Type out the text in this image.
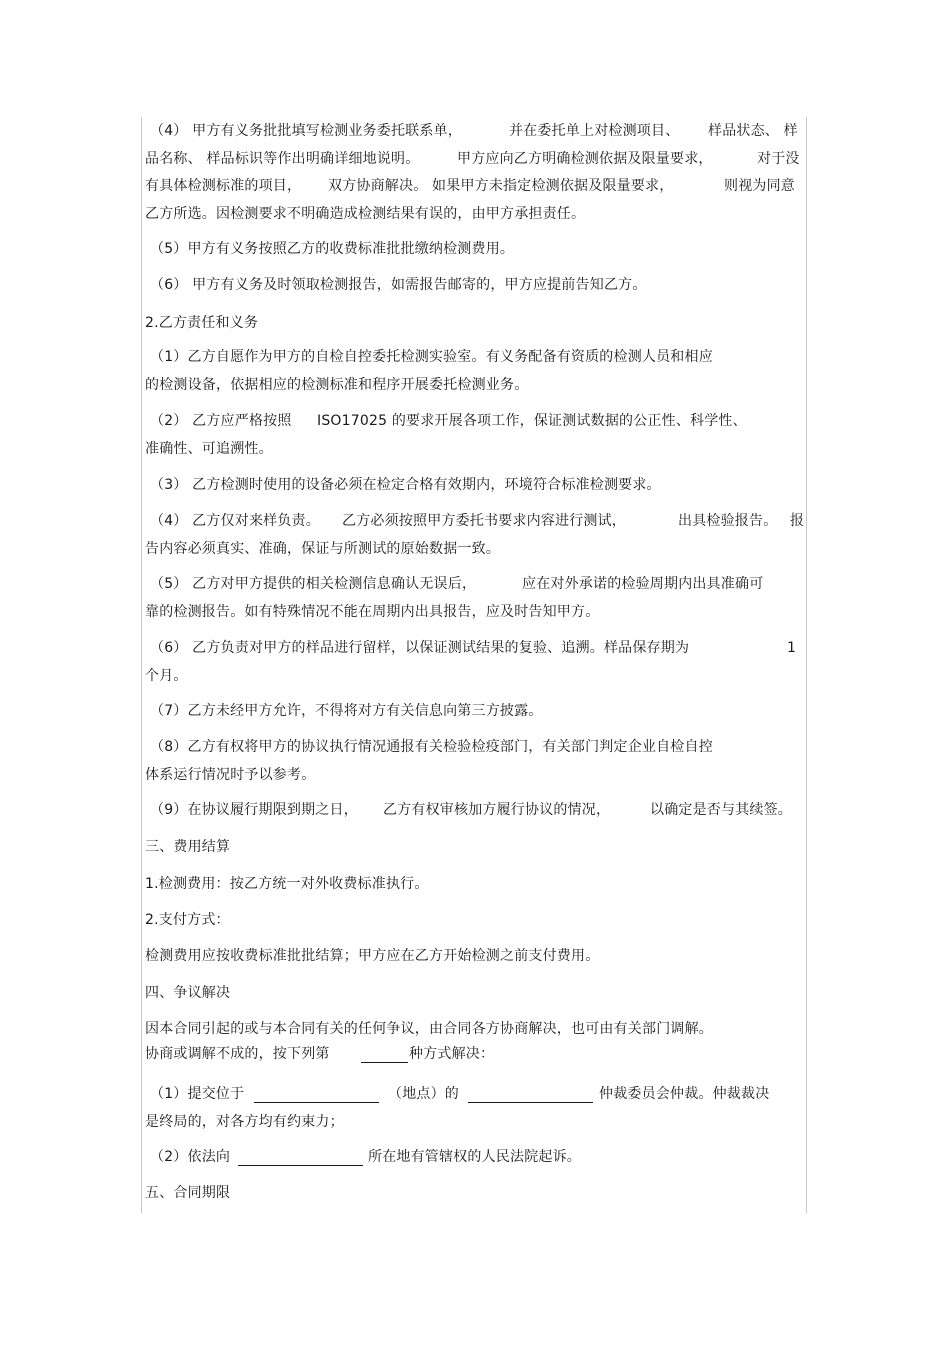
（4） 甲方有义务批批填写检测业务委托联系单，	并在委托单上对检测项目、 样品状态、 样
品名称、 样品标识等作出明确详细地说明。	甲方应向乙方明确检测依据及限量要求，	对于没
有具体检测标准的项目， 双方协商解决。 如果甲方未指定检测依据及限量要求，	则视为同意
乙方所选。因检测要求不明确造成检测结果有误的，由甲方承担责任。
（5）甲方有义务按照乙方的收费标准批批缴纳检测费用。
（6） 甲方有义务及时领取检测报告，如需报告邮寄的，甲方应提前告知乙方。
2.乙方责任和义务
（1）乙方自愿作为甲方的自检自控委托检测实验室。有义务配备有资质的检测人员和相应
的检测设备，依据相应的检测标准和程序开展委托检测业务。
（2） 乙方应严格按照 ISO17025 的要求开展各项工作，保证测试数据的公正性、科学性、
准确性、可追溯性。
（3） 乙方检测时使用的设备必须在检定合格有效期内，环境符合标准检测要求。
（4） 乙方仅对来样负责。 乙方必须按照甲方委托书要求内容进行测试，	出具检验报告。 报
告内容必须真实、准确，保证与所测试的原始数据一致。
（5） 乙方对甲方提供的相关检测信息确认无误后，	应在对外承诺的检验周期内出具准确可
靠的检测报告。如有特殊情况不能在周期内出具报告，应及时告知甲方。
（6） 乙方负责对甲方的样品进行留样，以保证测试结果的复验、追溯。样品保存期为	1
个月。
（7）乙方未经甲方允许，不得将对方有关信息向第三方披露。
（8）乙方有权将甲方的协议执行情况通报有关检验检疫部门，有关部门判定企业自检自控
体系运行情况时予以参考。
（9）在协议履行期限到期之日， 乙方有权审核加方履行协议的情况，	以确定是否与其续签。
三、费用结算
1.检测费用：按乙方统一对外收费标准执行。
2.支付方式：
检测费用应按收费标准批批结算；甲方应在乙方开始检测之前支付费用。
四、争议解决
因本合同引起的或与本合同有关的任何争议，由合同各方协商解决，也可由有关部门调解。
协商或调解不成的，按下列第	种方式解决：
（1）提交位于	（地点）的	仲裁委员会仲裁。仲裁裁决
是终局的，对各方均有约束力；
（2）依法向	所在地有管辖权的人民法院起诉。
五、合同期限
